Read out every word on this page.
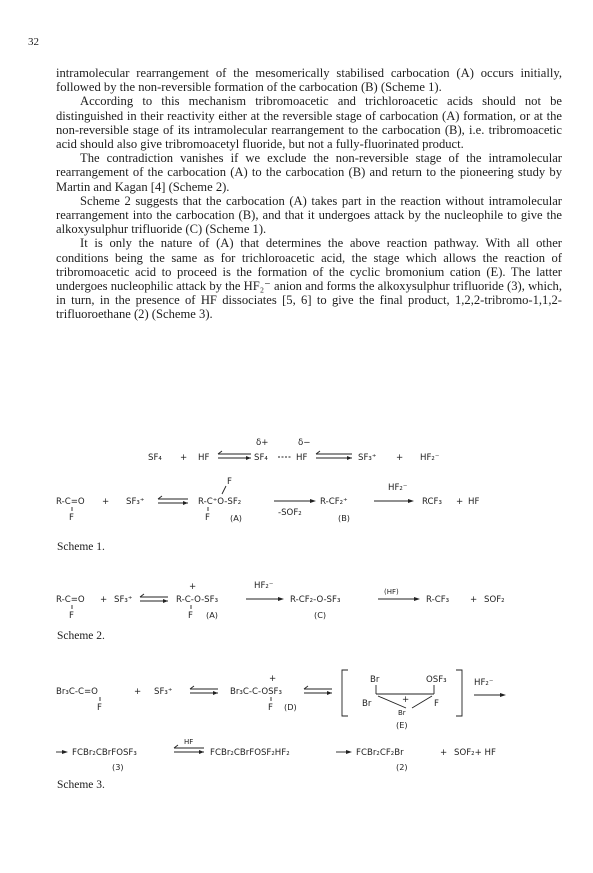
32

intramolecular rearrangement of the mesomerically stabilised carbocation (A) occurs initially, followed by the non-reversible formation of the carbocation (B) (Scheme 1).

According to this mechanism tribromoacetic and trichloroacetic acids should not be distinguished in their reactivity either at the reversible stage of carbocation (A) formation, or at the non-reversible stage of its intramolecular rearrangement to the carbocation (B), i.e. tribromoacetic acid should also give tribromoacetyl fluoride, but not a fully-fluorinated product.

The contradiction vanishes if we exclude the non-reversible stage of the intramolecular rearrangement of the carbocation (A) to the carbocation (B) and return to the pioneering study by Martin and Kagan [4] (Scheme 2).

Scheme 2 suggests that the carbocation (A) takes part in the reaction without intramolecular rearrangement into the carbocation (B), and that it undergoes attack by the nucleophile to give the alkoxysulphur trifluoride (C) (Scheme 1).

It is only the nature of (A) that determines the above reaction pathway. With all other conditions being the same as for trichloroacetic acid, the stage which allows the reaction of tribromoacetic acid to proceed is the formation of the cyclic bromonium cation (E). The latter undergoes nucleophilic attack by the HF₂⁻ anion and forms the alkoxysulphur trifluoride (3), which, in turn, in the presence of HF dissociates [5, 6] to give the final product, 1,2,2-tribromo-1,1,2-trifluoroethane (2) (Scheme 3).

δ+	δ−
SF₄ + HF	SF₄	HF	SF₃⁺ + HF₂⁻
R-C=O
F
+ SF₃⁺
F
R-C⁺O-SF₂
F (A)	-SOF₂
R-CF₂⁺
(B)
HF₂⁻
RCF₃ + HF
Scheme 1.
R-C=O
F
+ SF₃⁺
+
R-C-O-SF₃
F (A)
HF₂⁻
R-CF₂-O-SF₃
(C)
(HF)
R-CF₃ + SOF₂
Scheme 2.
Br₃C-C=O
F
+ SF₃⁺
+
Br₃C-C-OSF₃
F (D)
Br	OSF₃
+
Br
Br
F
(E)
HF₂⁻
FCBr₂CBrFOSF₃
(3)
HF
FCBr₂CBrFOSF₂HF₂	FCBr₂CF₂Br
(2)
+ SOF₂+ HF
Scheme 3.
